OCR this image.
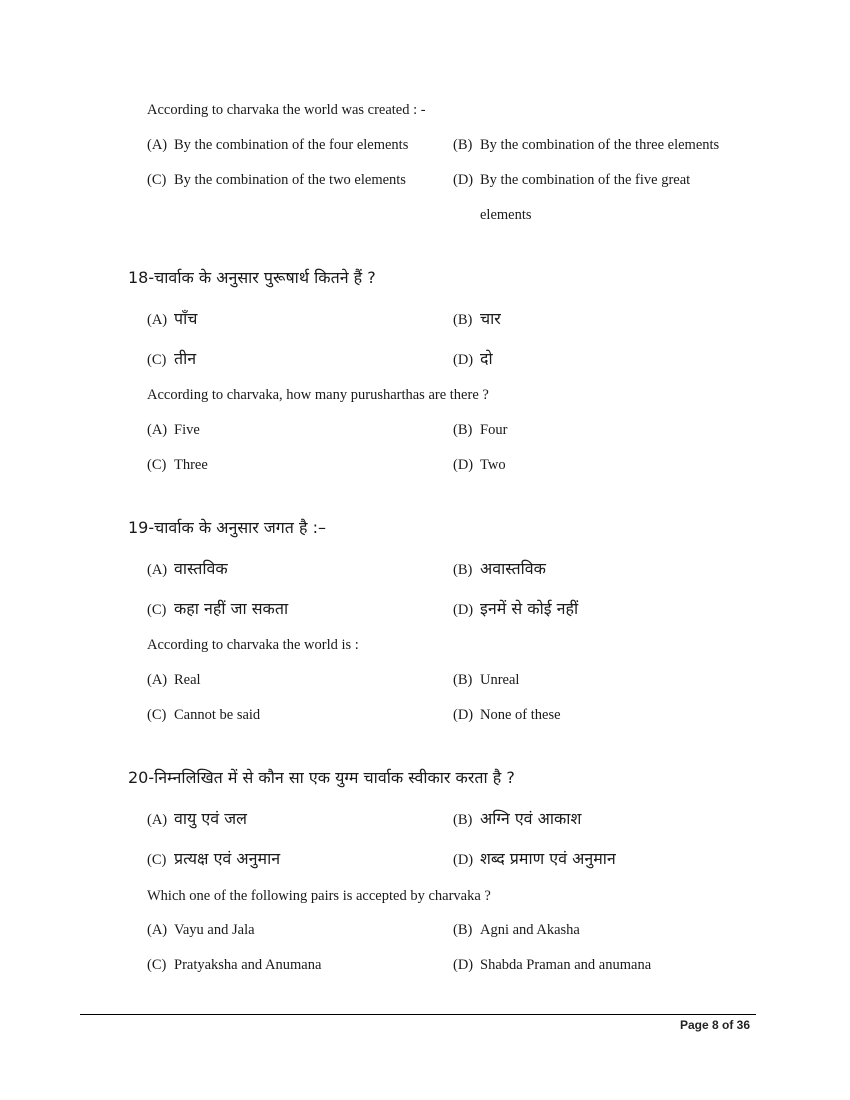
According to charvaka the world was created : -
(A) By the combination of the four elements	(B) By the combination of the three elements
(C) By the combination of the two elements	(D) By the combination of the five great
elements
18-चार्वाक के अनुसार पुरूषार्थ कितने हैं ?
(A) पाँच	(B) चार
(C) तीन	(D) दो
According to charvaka, how many purusharthas are there ?
(A) Five	(B) Four
(C) Three	(D) Two
19-चार्वाक के अनुसार जगत है :–
(A) वास्तविक	(B) अवास्तविक
(C) कहा नहीं जा सकता	(D) इनमें से कोई नहीं
According to charvaka the world is :
(A) Real	(B) Unreal
(C) Cannot be said	(D) None of these
20-निम्नलिखित में से कौन सा एक युग्म चार्वाक स्वीकार करता है ?
(A) वायु एवं जल	(B) अग्नि एवं आकाश
(C) प्रत्यक्ष एवं अनुमान	(D) शब्द प्रमाण एवं अनुमान
Which one of the following pairs is accepted by charvaka ?
(A) Vayu and Jala	(B) Agni and Akasha
(C) Pratyaksha and Anumana	(D) Shabda Praman and anumana
Page 8 of 36
